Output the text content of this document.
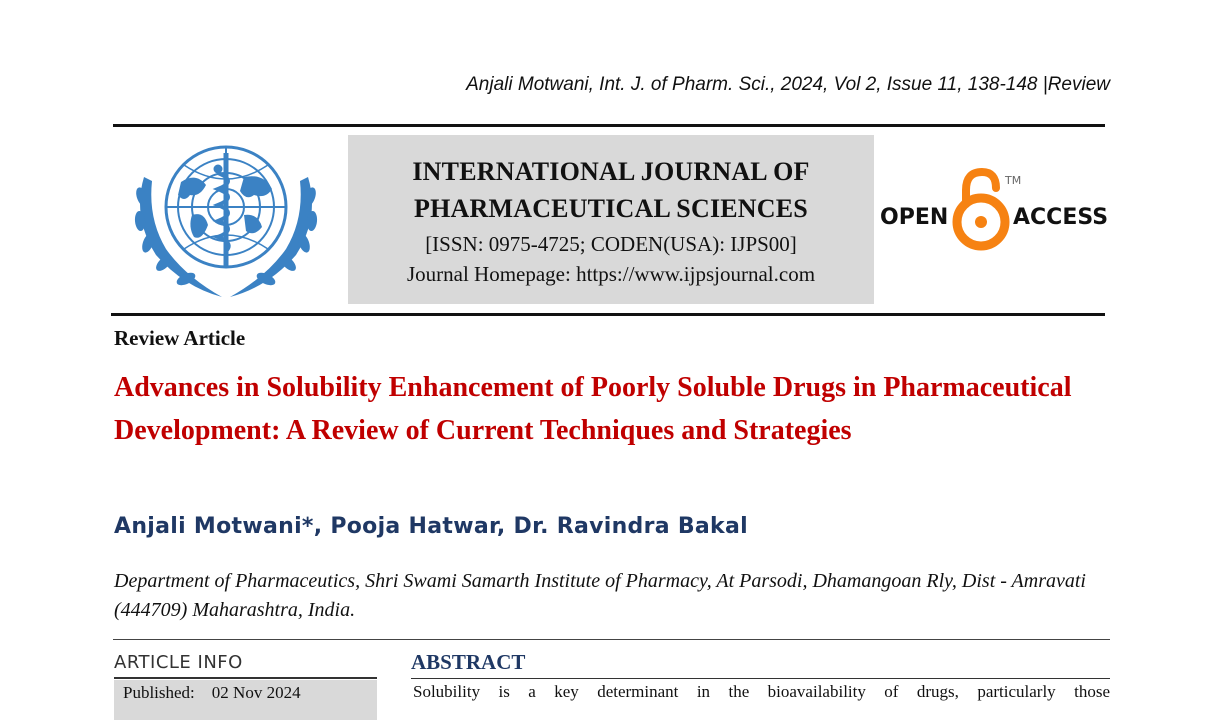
Anjali Motwani, Int. J. of Pharm. Sci., 2024, Vol 2, Issue 11, 138-148 |Review
INTERNATIONAL JOURNAL OF
PHARMACEUTICAL SCIENCES
[ISSN: 0975-4725; CODEN(USA): IJPS00]
Journal Homepage: https://www.ijpsjournal.com
OPEN
TM
ACCESS
Review Article
Advances in Solubility Enhancement of Poorly Soluble Drugs in Pharmaceutical Development: A Review of Current Techniques and Strategies
Anjali Motwani*, Pooja Hatwar, Dr. Ravindra Bakal
Department of Pharmaceutics, Shri Swami Samarth Institute of Pharmacy, At Parsodi, Dhamangoan Rly, Dist - Amravati (444709) Maharashtra, India.
ARTICLE INFO
Published: 02 Nov 2024
ABSTRACT
Solubility is a key determinant in the bioavailability of drugs, particularly those
